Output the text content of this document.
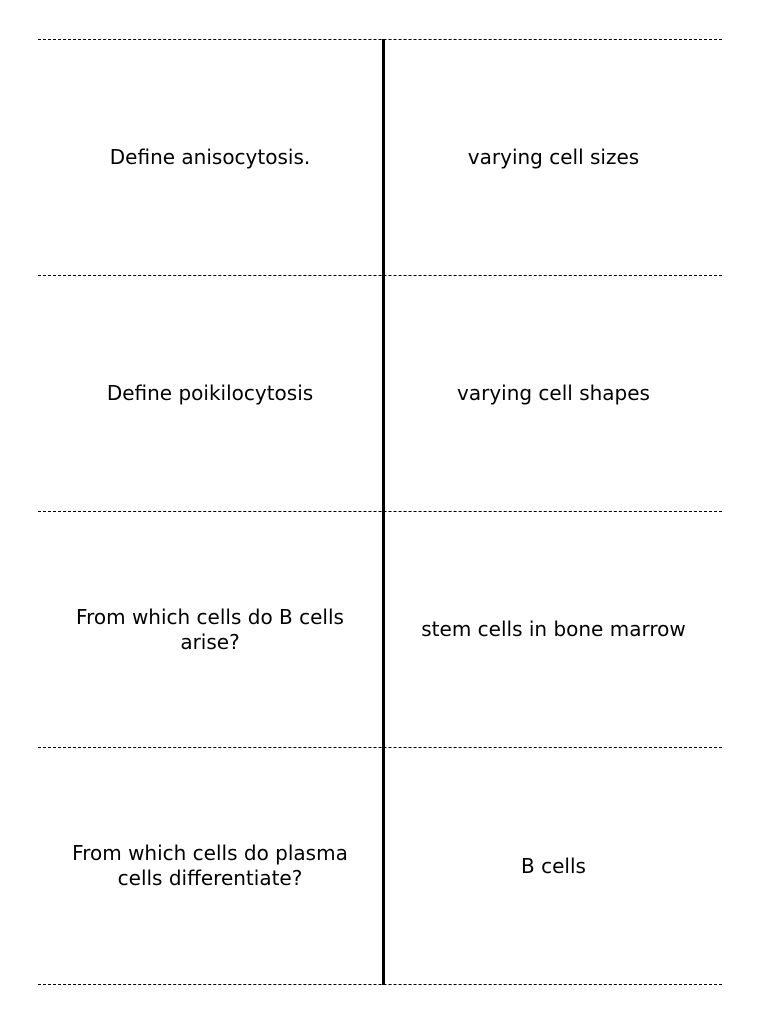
Define anisocytosis.	varying cell sizes
Define poikilocytosis	varying cell shapes
From which cells do B cells arise?
stem cells in bone marrow
From which cells do plasma cells differentiate?
B cells
